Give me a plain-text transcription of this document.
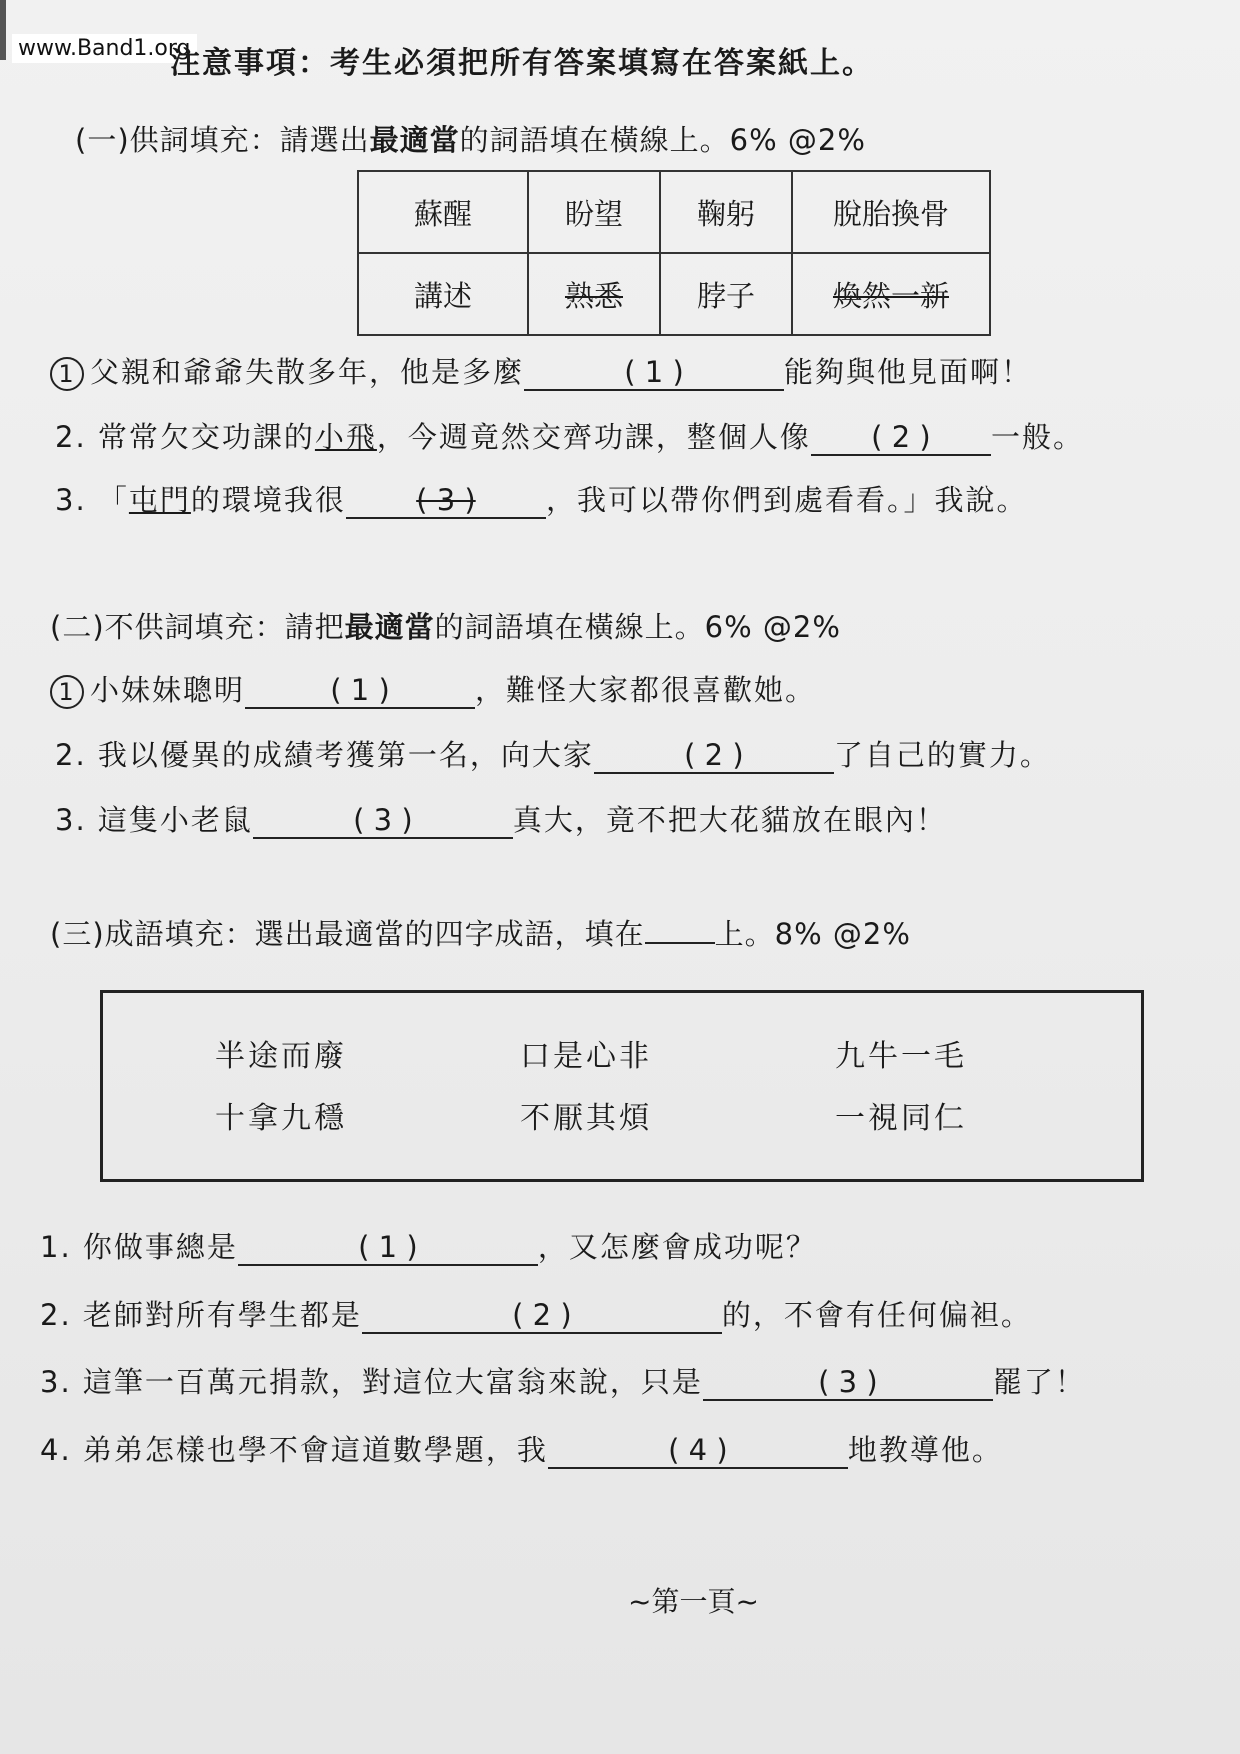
www.Band1.org
注意事項：考生必須把所有答案填寫在答案紙上。
(一)供詞填充：請選出最適當的詞語填在橫線上。6% @2%
蘇醒	盼望	鞠躬	脫胎換骨
講述	熟悉	脖子	煥然一新
1 父親和爺爺失散多年，他是多麼	( 1 )	能夠與他見面啊！
2. 常常欠交功課的小飛，今週竟然交齊功課，整個人像 ( 2 ) 一般。
3. 「屯門的環境我很 ( 3 ) ，我可以帶你們到處看看。」我說。
(二)不供詞填充：請把最適當的詞語填在橫線上。6% @2%
1 小妹妹聰明	( 1 )	，難怪大家都很喜歡她。
2. 我以優異的成績考獲第一名，向大家	( 2 )	了自己的實力。
3. 這隻小老鼠	( 3 )	真大，竟不把大花貓放在眼內！
(三)成語填充：選出最適當的四字成語，填在 上。8% @2%
半途而廢	口是心非	九牛一毛
十拿九穩	不厭其煩	一視同仁
1. 你做事總是	( 1 )	，又怎麼會成功呢？
2. 老師對所有學生都是	( 2 )	的，不會有任何偏袒。
3. 這筆一百萬元捐款，對這位大富翁來說，只是	( 3 )	罷了！
4. 弟弟怎樣也學不會這道數學題，我	( 4 )	地教導他。
~第一頁~
